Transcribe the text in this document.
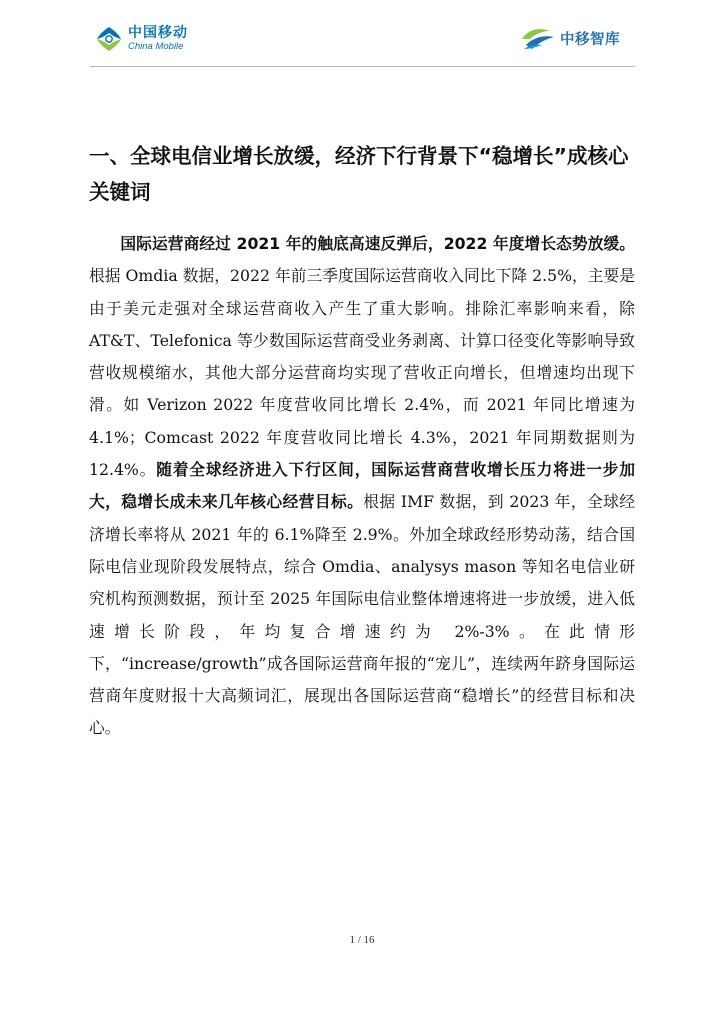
中国移动
China Mobile	中移智库
一、全球电信业增长放缓，经济下行背景下“稳增长”成核心关键词

国际运营商经过 2021 年的触底高速反弹后，2022 年度增长态势放缓。根据 Omdia 数据，2022 年前三季度国际运营商收入同比下降 2.5%，主要是由于美元走强对全球运营商收入产生了重大影响。排除汇率影响来看，除 AT&T、Telefonica 等少数国际运营商受业务剥离、计算口径变化等影响导致营收规模缩水，其他大部分运营商均实现了营收正向增长，但增速均出现下滑。如 Verizon 2022 年度营收同比增长 2.4%，而 2021 年同比增速为 4.1%；Comcast 2022 年度营收同比增长 4.3%，2021 年同期数据则为 12.4%。随着全球经济进入下行区间，国际运营商营收增长压力将进一步加大，稳增长成未来几年核心经营目标。根据 IMF 数据，到 2023 年，全球经济增长率将从 2021 年的 6.1%降至 2.9%。外加全球政经形势动荡，结合国际电信业现阶段发展特点，综合 Omdia、analysys mason 等知名电信业研究机构预测数据，预计至 2025 年国际电信业整体增速将进一步放缓，进入低速增长阶段，年均复合增速约为 2%-3%。在此情形下，“increase/growth”成各国际运营商年报的“宠儿”，连续两年跻身国际运营商年度财报十大高频词汇，展现出各国际运营商“稳增长”的经营目标和决心。

1 / 16
